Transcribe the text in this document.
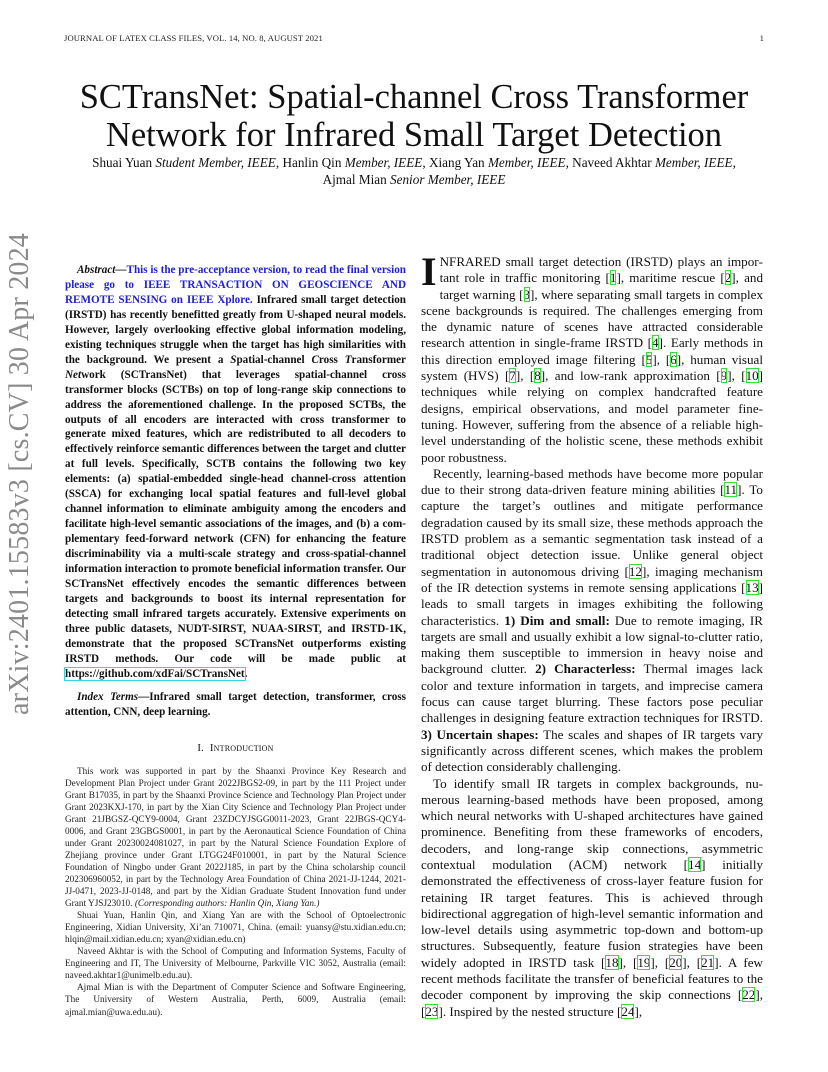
JOURNAL OF LATEX CLASS FILES, VOL. 14, NO. 8, AUGUST 2021	1
SCTransNet: Spatial-channel Cross Transformer
Network for Infrared Small Target Detection
Shuai Yuan Student Member, IEEE, Hanlin Qin Member, IEEE, Xiang Yan Member, IEEE, Naveed Akhtar Member, IEEE, Ajmal Mian Senior Member, IEEE
arXiv:2401.15583v3 [cs.CV] 30 Apr 2024	Abstract—This is the pre-acceptance version, to read the final version please go to IEEE TRANSACTION ON GEOSCIENCE AND REMOTE SENSING on IEEE Xplore. Infrared small target detection (IRSTD) has recently benefitted greatly from U-shaped neural models. However, largely overlooking effective global information modeling, existing techniques struggle when the target has high similarities with the background. We present a Spatial-channel Cross Transformer Network (SCTransNet) that leverages spatial-channel cross transformer blocks (SCTBs) on top of long-range skip connections to address the aforementioned challenge. In the proposed SCTBs, the outputs of all encoders are interacted with cross transformer to generate mixed features, which are redistributed to all decoders to effectively reinforce semantic differences between the target and clutter at full levels. Specifically, SCTB contains the following two key elements: (a) spatial-embedded single-head channel-cross attention (SSCA) for exchanging local spatial features and full-level global channel information to eliminate ambiguity among the encoders and facilitate high-level semantic associations of the images, and (b) a complementary feed-forward network (CFN) for enhancing the feature discriminability via a multi-scale strategy and cross-spatial-channel information interaction to promote beneficial information transfer. Our SCTransNet effectively encodes the semantic differences between targets and backgrounds to boost its internal representation for detecting small infrared targets accurately. Extensive experiments on three public datasets, NUDT-SIRST, NUAA-SIRST, and IRSTD-1K, demonstrate that the proposed SCTransNet outperforms existing IRSTD methods. Our code will be made public at https://github.com/xdFai/SCTransNet.

Index Terms—Infrared small target detection, transformer, cross attention, CNN, deep learning.

I. Introduction

This work was supported in part by the Shaanxi Province Key Research and Development Plan Project under Grant 2022JBGS2-09, in part by the 111 Project under Grant B17035, in part by the Shaanxi Province Science and Technology Plan Project under Grant 2023KXJ-170, in part by the Xian City Science and Technology Plan Project under Grant 21JBGSZ-QCY9-0004, Grant 23ZDCYJSGG0011-2023, Grant 22JBGS-QCY4-0006, and Grant 23GBGS0001, in part by the Aeronautical Science Foundation of China under Grant 20230024081027, in part by the Natural Science Foundation Explore of Zhejiang province under Grant LTGG24F010001, in part by the Natural Science Foundation of Ningbo under Grant 2022J185, in part by the China scholarship council 202306960052, in part by the Technology Area Foundation of China 2021-JJ-1244, 2021-JJ-0471, 2023-JJ-0148, and part by the Xidian Graduate Student Innovation fund under Grant YJSJ23010. (Corresponding authors: Hanlin Qin, Xiang Yan.)

Shuai Yuan, Hanlin Qin, and Xiang Yan are with the School of Optoelectronic Engineering, Xidian University, Xi’an 710071, China. (email: yuansy@stu.xidian.edu.cn; hlqin@mail.xidian.edu.cn; xyan@xidian.edu.cn)

Naveed Akhtar is with the School of Computing and Information Systems, Faculty of Engineering and IT, The University of Melbourne, Parkville VIC 3052, Australia (email: naveed.akhtar1@unimelb.edu.au).

Ajmal Mian is with the Department of Computer Science and Software Engineering, The University of Western Australia, Perth, 6009, Australia (email: ajmal.mian@uwa.edu.au).

INFRARED small target detection (IRSTD) plays an important role in traffic monitoring [1], maritime rescue [2], and target warning [3], where separating small targets in complex scene backgrounds is required. The challenges emerging from the dynamic nature of scenes have attracted considerable research attention in single-frame IRSTD [4]. Early methods in this direction employed image filtering [5], [6], human visual system (HVS) [7], [8], and low-rank approximation [9], [10] techniques while relying on complex handcrafted feature designs, empirical observations, and model parameter fine-tuning. However, suffering from the absence of a reliable high-level understanding of the holistic scene, these methods exhibit poor robustness.

Recently, learning-based methods have become more popular due to their strong data-driven feature mining abilities [11]. To capture the target’s outlines and mitigate performance degradation caused by its small size, these methods approach the IRSTD problem as a semantic segmentation task instead of a traditional object detection issue. Unlike general object segmentation in autonomous driving [12], imaging mechanism of the IR detection systems in remote sensing applications [13] leads to small targets in images exhibiting the following characteristics. 1) Dim and small: Due to remote imaging, IR targets are small and usually exhibit a low signal-to-clutter ratio, making them susceptible to immersion in heavy noise and background clutter. 2) Characterless: Thermal images lack color and texture information in targets, and imprecise camera focus can cause target blurring. These factors pose peculiar challenges in designing feature extraction techniques for IRSTD. 3) Uncertain shapes: The scales and shapes of IR targets vary significantly across different scenes, which makes the problem of detection considerably challenging.

To identify small IR targets in complex backgrounds, numerous learning-based methods have been proposed, among which neural networks with U-shaped architectures have gained prominence. Benefiting from these frameworks of encoders, decoders, and long-range skip connections, asymmetric contextual modulation (ACM) network [14] initially demonstrated the effectiveness of cross-layer feature fusion for retaining IR target features. This is achieved through bidirectional aggregation of high-level semantic information and low-level details using asymmetric top-down and bottom-up structures. Subsequently, feature fusion strategies have been widely adopted in IRSTD task [18], [19], [20], [21]. A few recent methods facilitate the transfer of beneficial features to the decoder component by improving the skip connections [22], [23]. Inspired by the nested structure [24],
